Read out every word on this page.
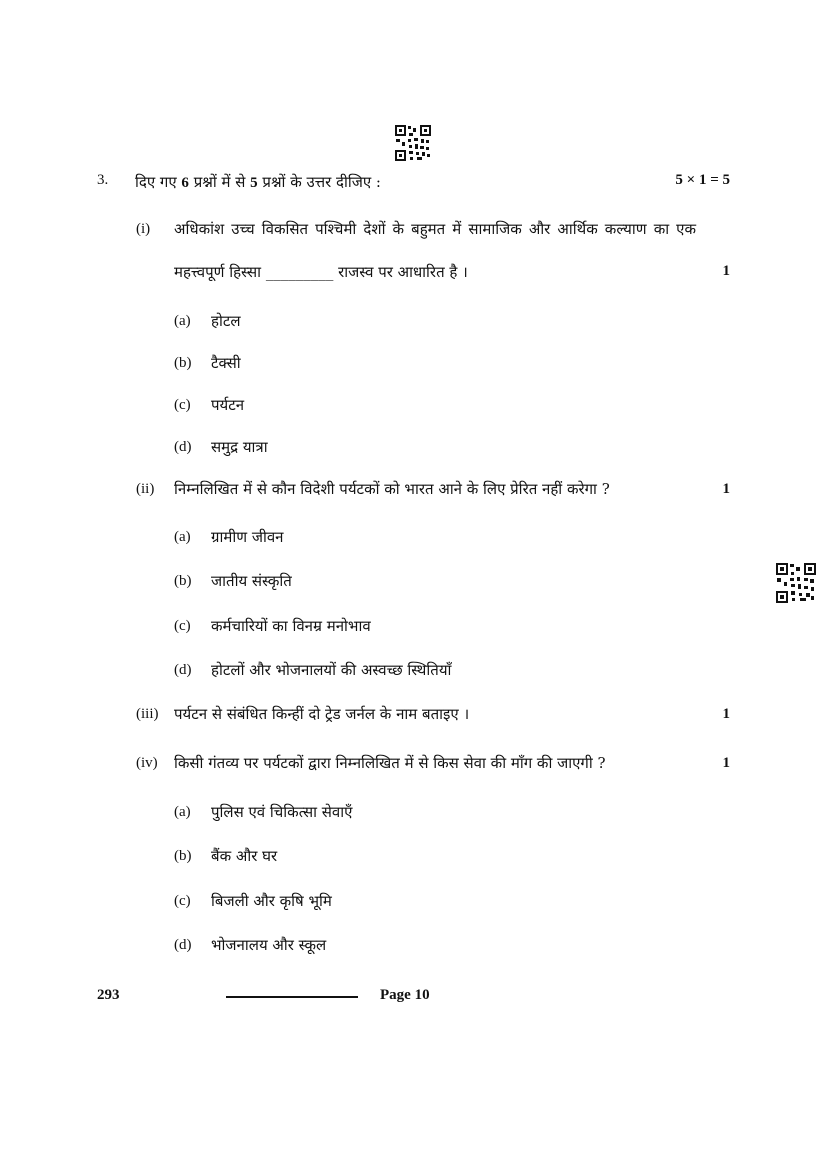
3. दिए गए 6 प्रश्नों में से 5 प्रश्नों के उत्तर दीजिए :	5 × 1 = 5
(i) अधिकांश उच्च विकसित पश्चिमी देशों के बहुमत में सामाजिक और आर्थिक कल्याण का एक
महत्त्वपूर्ण हिस्सा _________ राजस्व पर आधारित है ।	1
(a) होटल
(b) टैक्सी
(c) पर्यटन
(d) समुद्र यात्रा
(ii) निम्नलिखित में से कौन विदेशी पर्यटकों को भारत आने के लिए प्रेरित नहीं करेगा ?	1
(a) ग्रामीण जीवन
(b) जातीय संस्कृति
(c) कर्मचारियों का विनम्र मनोभाव
(d) होटलों और भोजनालयों की अस्वच्छ स्थितियाँ
(iii) पर्यटन से संबंधित किन्हीं दो ट्रेड जर्नल के नाम बताइए ।	1
(iv) किसी गंतव्य पर पर्यटकों द्वारा निम्नलिखित में से किस सेवा की माँग की जाएगी ?	1
(a) पुलिस एवं चिकित्सा सेवाएँ
(b) बैंक और घर
(c) बिजली और कृषि भूमि
(d) भोजनालय और स्कूल
293	Page 10
